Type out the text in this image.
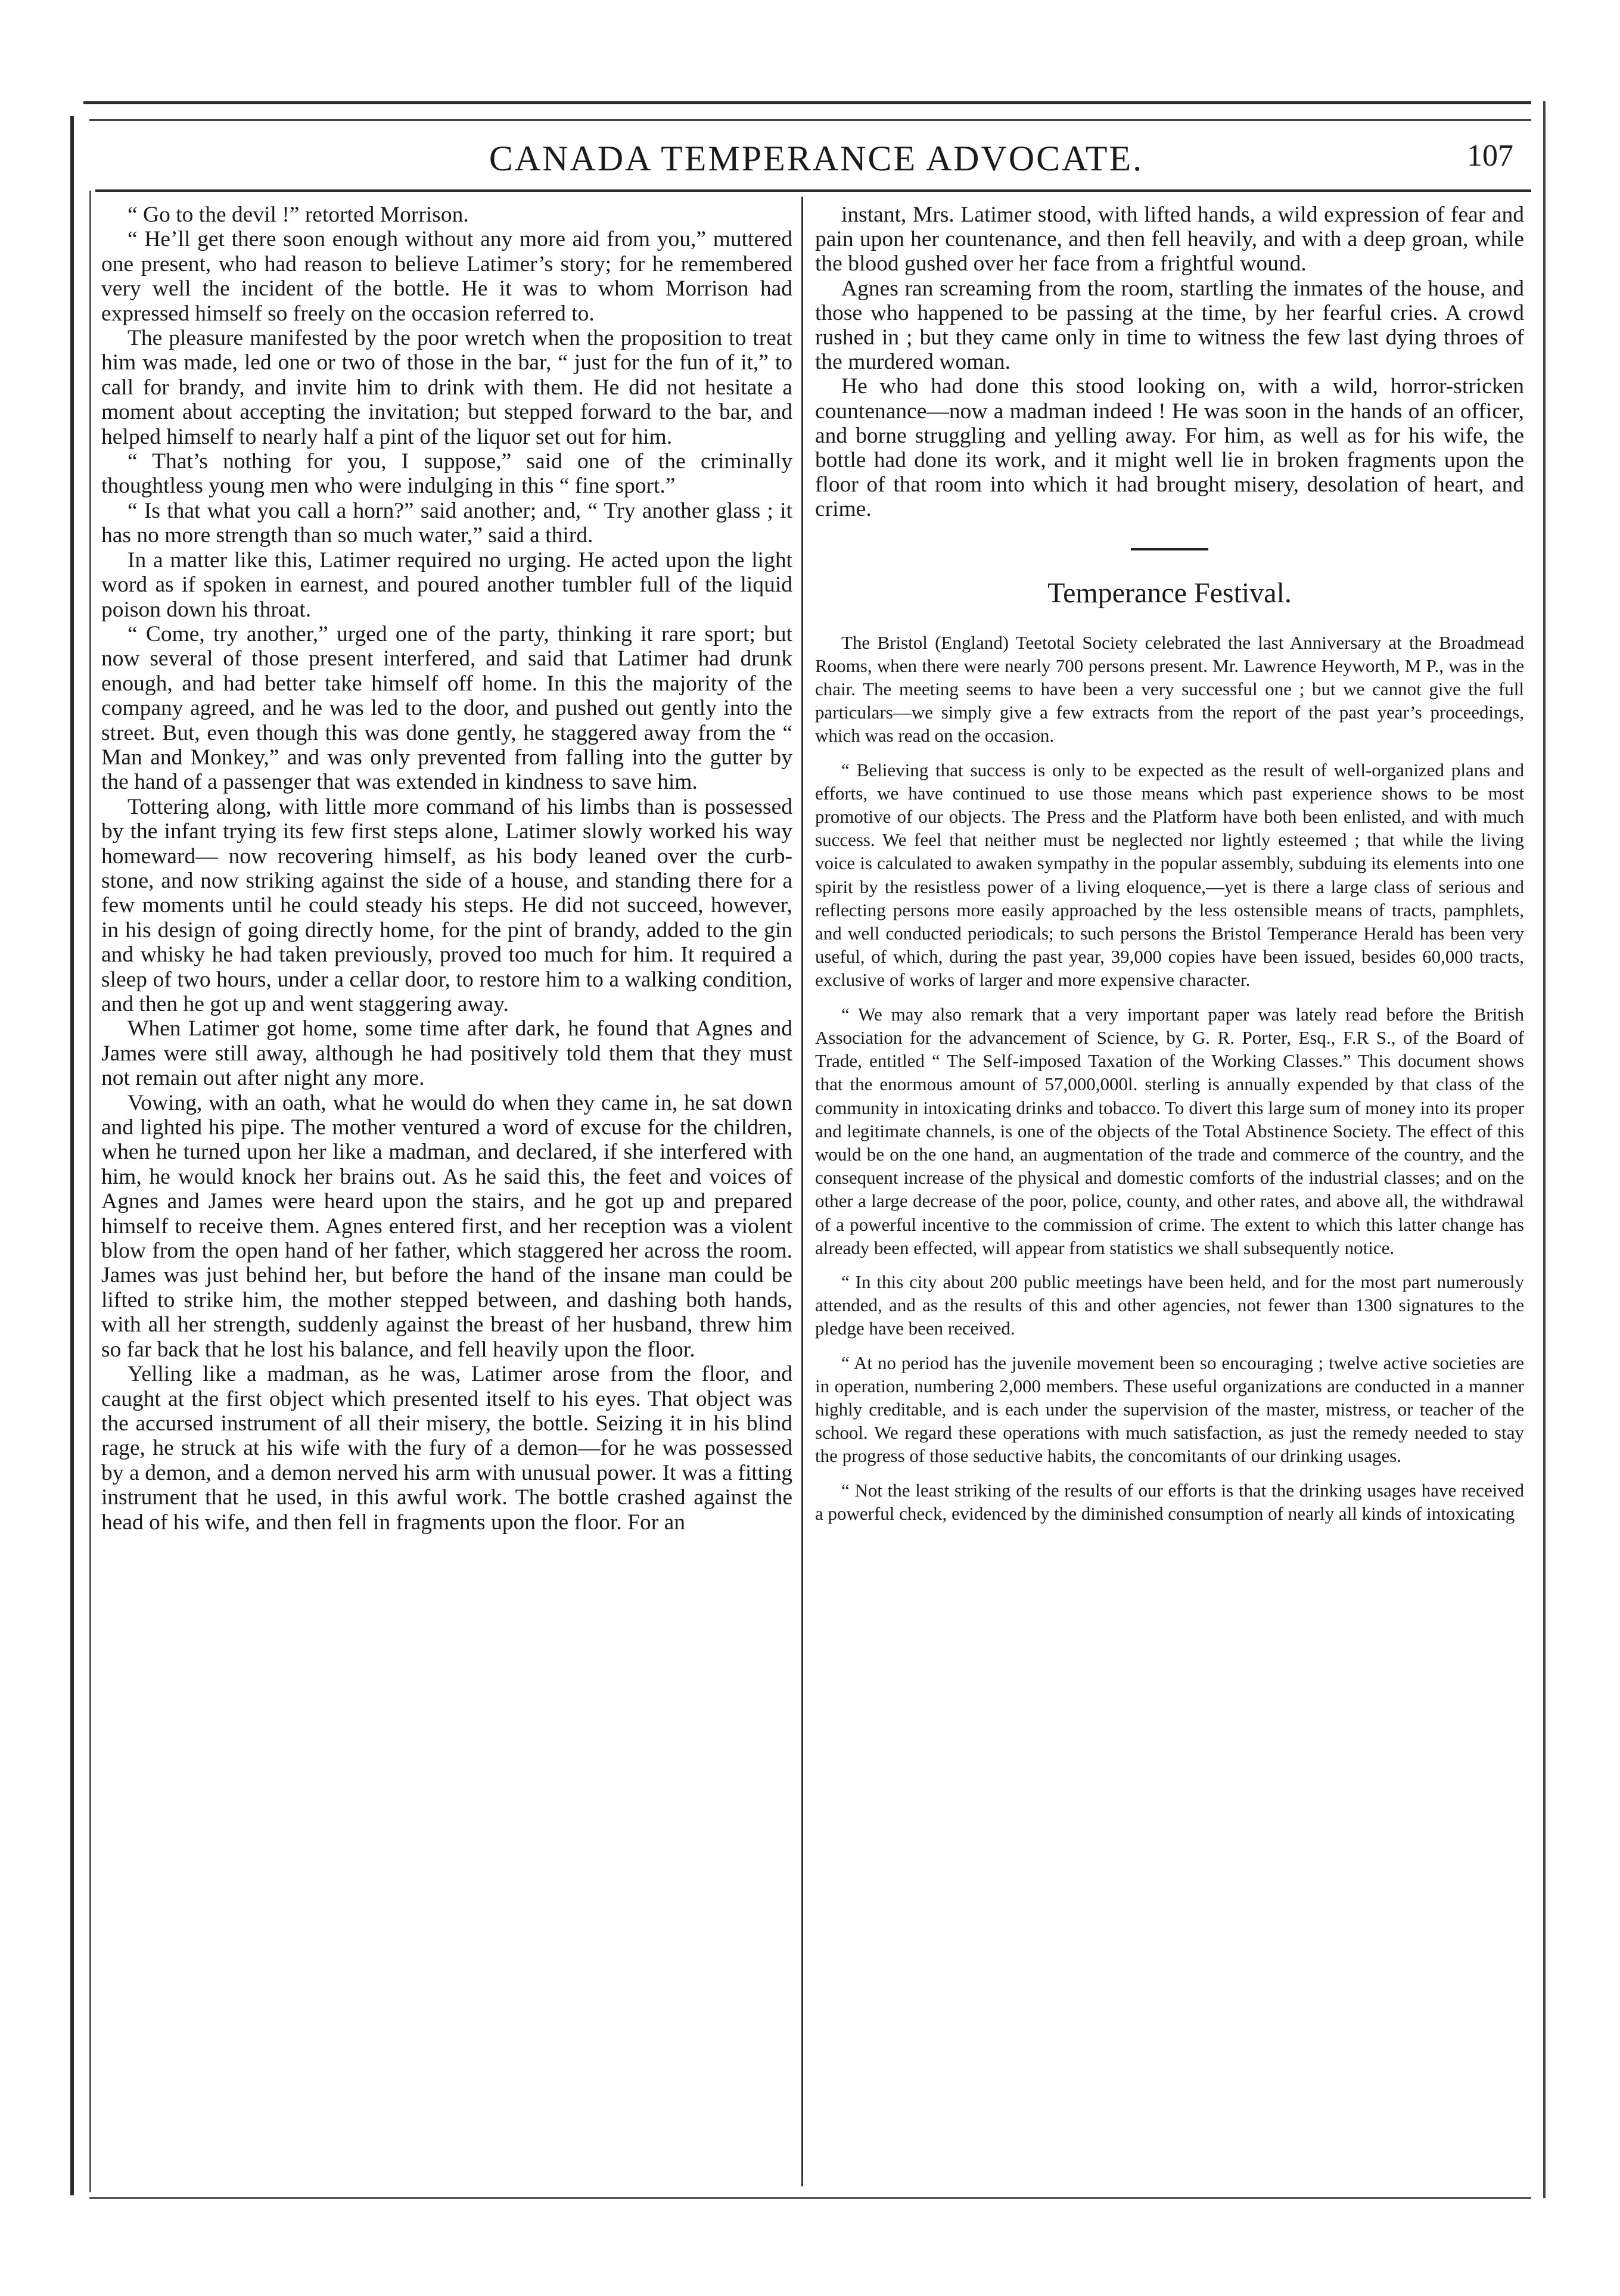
CANADA TEMPERANCE ADVOCATE.	107

“ Go to the devil !” retorted Morrison.

“ He’ll get there soon enough without any more aid from you,” muttered one present, who had reason to believe Latimer’s story; for he remembered very well the incident of the bottle. He it was to whom Morrison had expressed himself so freely on the occasion referred to.

The pleasure manifested by the poor wretch when the proposition to treat him was made, led one or two of those in the bar, “ just for the fun of it,” to call for brandy, and invite him to drink with them. He did not hesitate a moment about accepting the invitation; but stepped forward to the bar, and helped himself to nearly half a pint of the liquor set out for him.

“ That’s nothing for you, I suppose,” said one of the criminally thoughtless young men who were indulging in this “ fine sport.”

“ Is that what you call a horn?” said another; and, “ Try another glass ; it has no more strength than so much water,” said a third.

In a matter like this, Latimer required no urging. He acted upon the light word as if spoken in earnest, and poured another tumbler full of the liquid poison down his throat.

“ Come, try another,” urged one of the party, thinking it rare sport; but now several of those present interfered, and said that Latimer had drunk enough, and had better take himself off home. In this the majority of the company agreed, and he was led to the door, and pushed out gently into the street. But, even though this was done gently, he staggered away from the “ Man and Monkey,” and was only prevented from falling into the gutter by the hand of a passenger that was extended in kindness to save him.

Tottering along, with little more command of his limbs than is possessed by the infant trying its few first steps alone, Latimer slowly worked his way homeward— now recovering himself, as his body leaned over the curb-stone, and now striking against the side of a house, and standing there for a few moments until he could steady his steps. He did not succeed, however, in his design of going directly home, for the pint of brandy, added to the gin and whisky he had taken previously, proved too much for him. It required a sleep of two hours, under a cellar door, to restore him to a walking condition, and then he got up and went staggering away.

When Latimer got home, some time after dark, he found that Agnes and James were still away, although he had positively told them that they must not remain out after night any more.

Vowing, with an oath, what he would do when they came in, he sat down and lighted his pipe. The mother ventured a word of excuse for the children, when he turned upon her like a madman, and declared, if she interfered with him, he would knock her brains out. As he said this, the feet and voices of Agnes and James were heard upon the stairs, and he got up and prepared himself to receive them. Agnes entered first, and her reception was a violent blow from the open hand of her father, which staggered her across the room. James was just behind her, but before the hand of the insane man could be lifted to strike him, the mother stepped between, and dashing both hands, with all her strength, suddenly against the breast of her husband, threw him so far back that he lost his balance, and fell heavily upon the floor.

Yelling like a madman, as he was, Latimer arose from the floor, and caught at the first object which presented itself to his eyes. That object was the accursed instrument of all their misery, the bottle. Seizing it in his blind rage, he struck at his wife with the fury of a demon—for he was possessed by a demon, and a demon nerved his arm with unusual power. It was a fitting instrument that he used, in this awful work. The bottle crashed against the head of his wife, and then fell in fragments upon the floor. For an

instant, Mrs. Latimer stood, with lifted hands, a wild expression of fear and pain upon her countenance, and then fell heavily, and with a deep groan, while the blood gushed over her face from a frightful wound.

Agnes ran screaming from the room, startling the inmates of the house, and those who happened to be passing at the time, by her fearful cries. A crowd rushed in ; but they came only in time to witness the few last dying throes of the murdered woman.

He who had done this stood looking on, with a wild, horror-stricken countenance—now a madman indeed ! He was soon in the hands of an officer, and borne struggling and yelling away. For him, as well as for his wife, the bottle had done its work, and it might well lie in broken fragments upon the floor of that room into which it had brought misery, desolation of heart, and crime.

Temperance Festival.

The Bristol (England) Teetotal Society celebrated the last Anniversary at the Broadmead Rooms, when there were nearly 700 persons present. Mr. Lawrence Heyworth, M P., was in the chair. The meeting seems to have been a very successful one ; but we cannot give the full particulars—we simply give a few extracts from the report of the past year’s proceedings, which was read on the occasion.

“ Believing that success is only to be expected as the result of well-organized plans and efforts, we have continued to use those means which past experience shows to be most promotive of our objects. The Press and the Platform have both been enlisted, and with much success. We feel that neither must be neglected nor lightly esteemed ; that while the living voice is calculated to awaken sympathy in the popular assembly, subduing its elements into one spirit by the resistless power of a living eloquence,—yet is there a large class of serious and reflecting persons more easily approached by the less ostensible means of tracts, pamphlets, and well conducted periodicals; to such persons the Bristol Temperance Herald has been very useful, of which, during the past year, 39,000 copies have been issued, besides 60,000 tracts, exclusive of works of larger and more expensive character.

“ We may also remark that a very important paper was lately read before the British Association for the advancement of Science, by G. R. Porter, Esq., F.R S., of the Board of Trade, entitled “ The Self-imposed Taxation of the Working Classes.” This document shows that the enormous amount of 57,000,000l. sterling is annually expended by that class of the community in intoxicating drinks and tobacco. To divert this large sum of money into its proper and legitimate channels, is one of the objects of the Total Abstinence Society. The effect of this would be on the one hand, an augmentation of the trade and commerce of the country, and the consequent increase of the physical and domestic comforts of the industrial classes; and on the other a large decrease of the poor, police, county, and other rates, and above all, the withdrawal of a powerful incentive to the commission of crime. The extent to which this latter change has already been effected, will appear from statistics we shall subsequently notice.

“ In this city about 200 public meetings have been held, and for the most part numerously attended, and as the results of this and other agencies, not fewer than 1300 signatures to the pledge have been received.

“ At no period has the juvenile movement been so encouraging ; twelve active societies are in operation, numbering 2,000 members. These useful organizations are conducted in a manner highly creditable, and is each under the supervision of the master, mistress, or teacher of the school. We regard these operations with much satisfaction, as just the remedy needed to stay the progress of those seductive habits, the concomitants of our drinking usages.

“ Not the least striking of the results of our efforts is that the drinking usages have received a powerful check, evidenced by the diminished consumption of nearly all kinds of intoxicating
